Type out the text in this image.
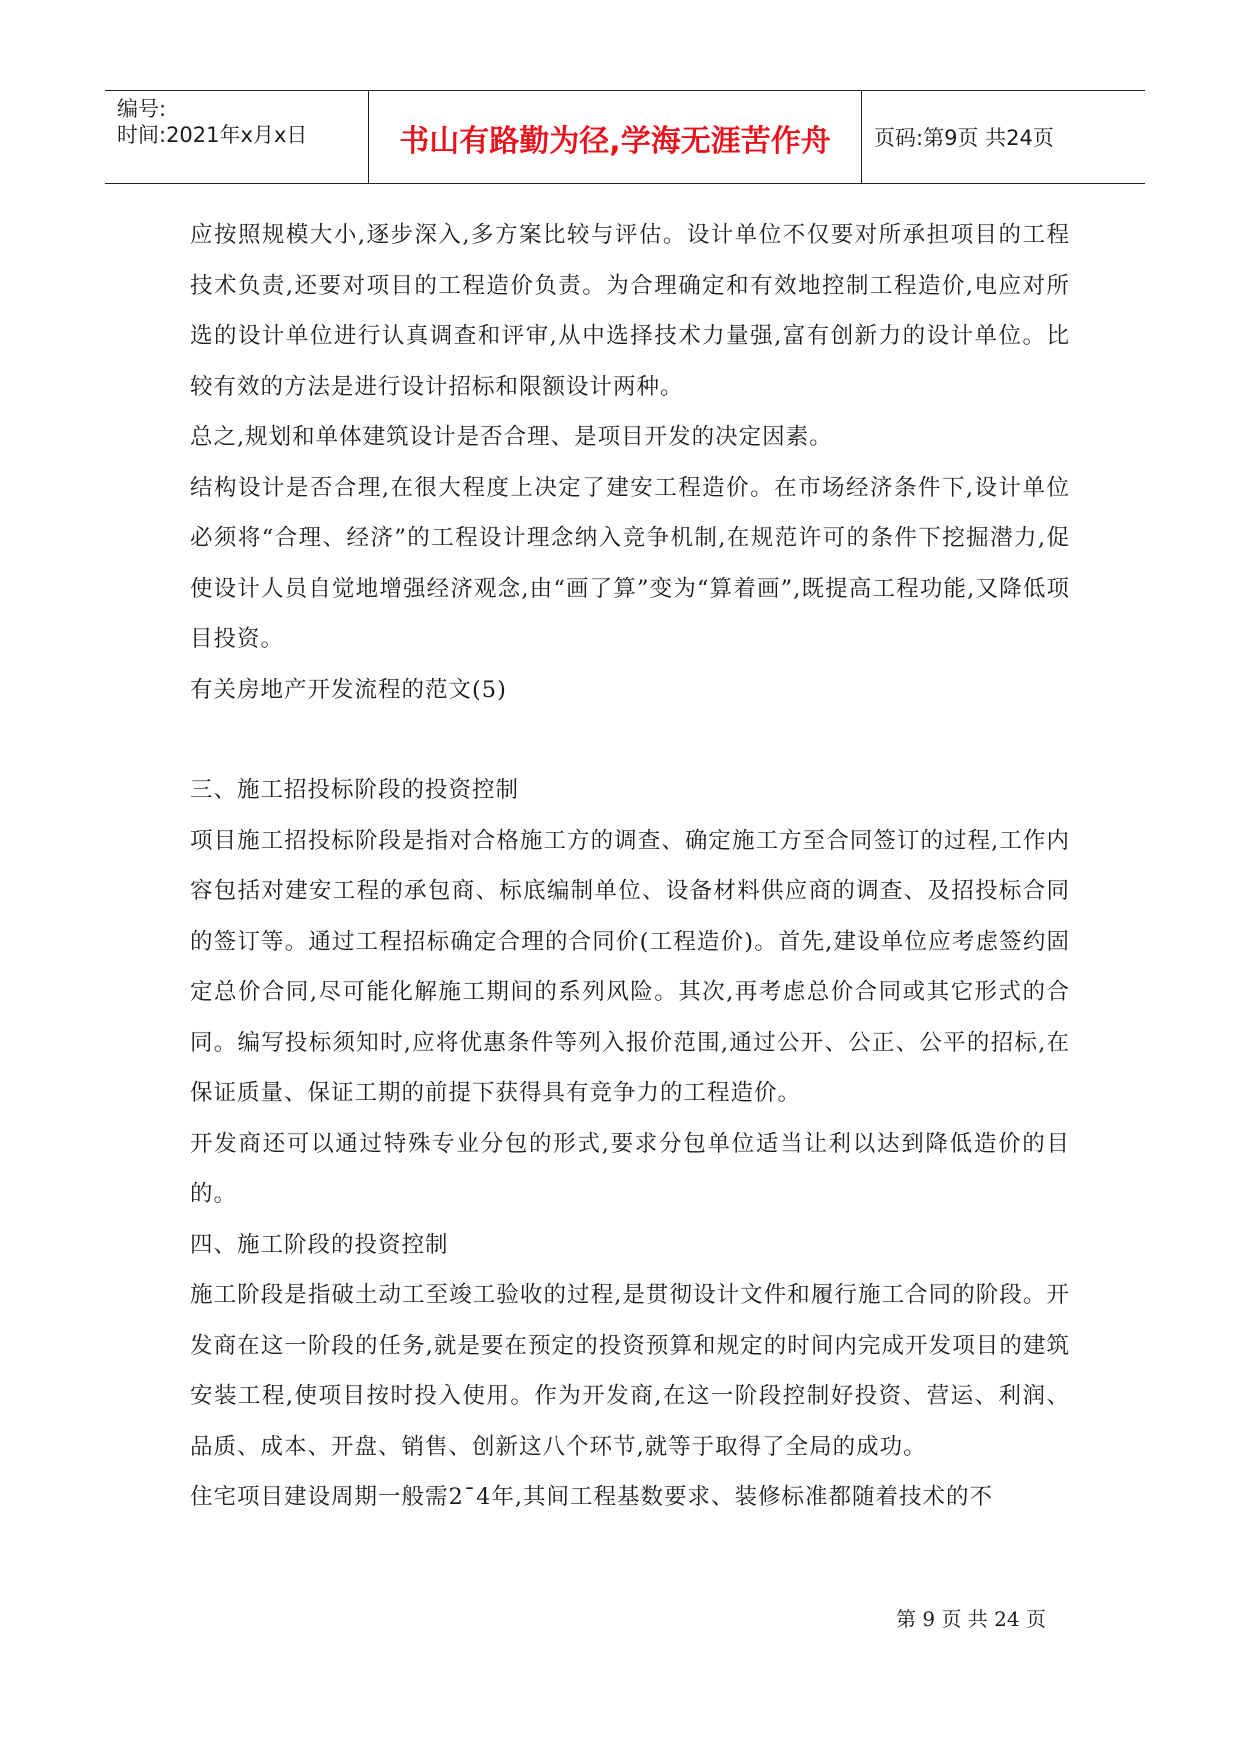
编号:
时间:2021年x月x日	书山有路勤为径,学海无涯苦作舟	页码:第9页 共24页

应按照规模大小,逐步深入,多方案比较与评估。设计单位不仅要对所承担项目的工程技术负责,还要对项目的工程造价负责。为合理确定和有效地控制工程造价,电应对所选的设计单位进行认真调查和评审,从中选择技术力量强,富有创新力的设计单位。比较有效的方法是进行设计招标和限额设计两种。

总之,规划和单体建筑设计是否合理、是项目开发的决定因素。

结构设计是否合理,在很大程度上决定了建安工程造价。在市场经济条件下,设计单位必须将“合理、经济”的工程设计理念纳入竞争机制,在规范许可的条件下挖掘潜力,促使设计人员自觉地增强经济观念,由“画了算”变为“算着画”,既提高工程功能,又降低项目投资。

有关房地产开发流程的范文(5)

三、施工招投标阶段的投资控制

项目施工招投标阶段是指对合格施工方的调查、确定施工方至合同签订的过程,工作内容包括对建安工程的承包商、标底编制单位、设备材料供应商的调查、及招投标合同的签订等。通过工程招标确定合理的合同价(工程造价)。首先,建设单位应考虑签约固定总价合同,尽可能化解施工期间的系列风险。其次,再考虑总价合同或其它形式的合同。编写投标须知时,应将优惠条件等列入报价范围,通过公开、公正、公平的招标,在保证质量、保证工期的前提下获得具有竞争力的工程造价。

开发商还可以通过特殊专业分包的形式,要求分包单位适当让利以达到降低造价的目的。

四、施工阶段的投资控制

施工阶段是指破土动工至竣工验收的过程,是贯彻设计文件和履行施工合同的阶段。开发商在这一阶段的任务,就是要在预定的投资预算和规定的时间内完成开发项目的建筑安装工程,使项目按时投入使用。作为开发商,在这一阶段控制好投资、营运、利润、品质、成本、开盘、销售、创新这八个环节,就等于取得了全局的成功。

住宅项目建设周期一般需2¯4年,其间工程基数要求、装修标准都随着技术的不

第 9 页 共 24 页
